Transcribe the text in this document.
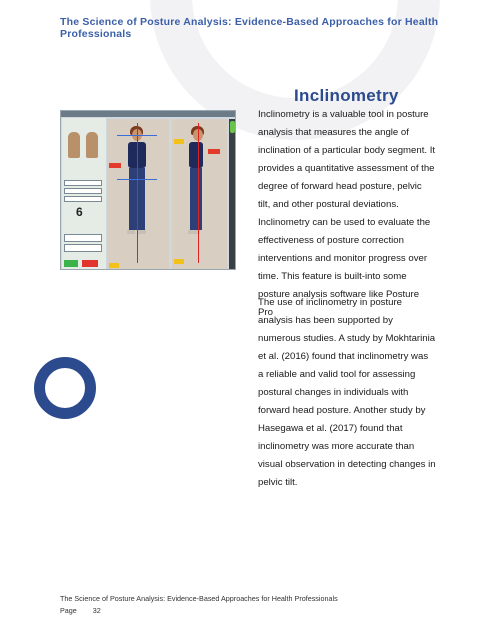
The Science of Posture Analysis: Evidence-Based Approaches for Health Professionals
6
Inclinometry
Inclinometry is a valuable tool in posture analysis that measures the angle of inclination of a particular body segment. It provides a quantitative assessment of the degree of forward head posture, pelvic tilt, and other postural deviations. Inclinometry can be used to evaluate the effectiveness of posture correction interventions and monitor progress over time. This feature is built-into some posture analysis software like Posture Pro
The use of inclinometry in posture analysis has been supported by numerous studies. A study by Mokhtarinia et al. (2016) found that inclinometry was a reliable and valid tool for assessing postural changes in individuals with forward head posture. Another study by Hasegawa et al. (2017) found that inclinometry was more accurate than visual observation in detecting changes in pelvic tilt.
The Science of Posture Analysis: Evidence-Based Approaches for Health Professionals
Page 32
